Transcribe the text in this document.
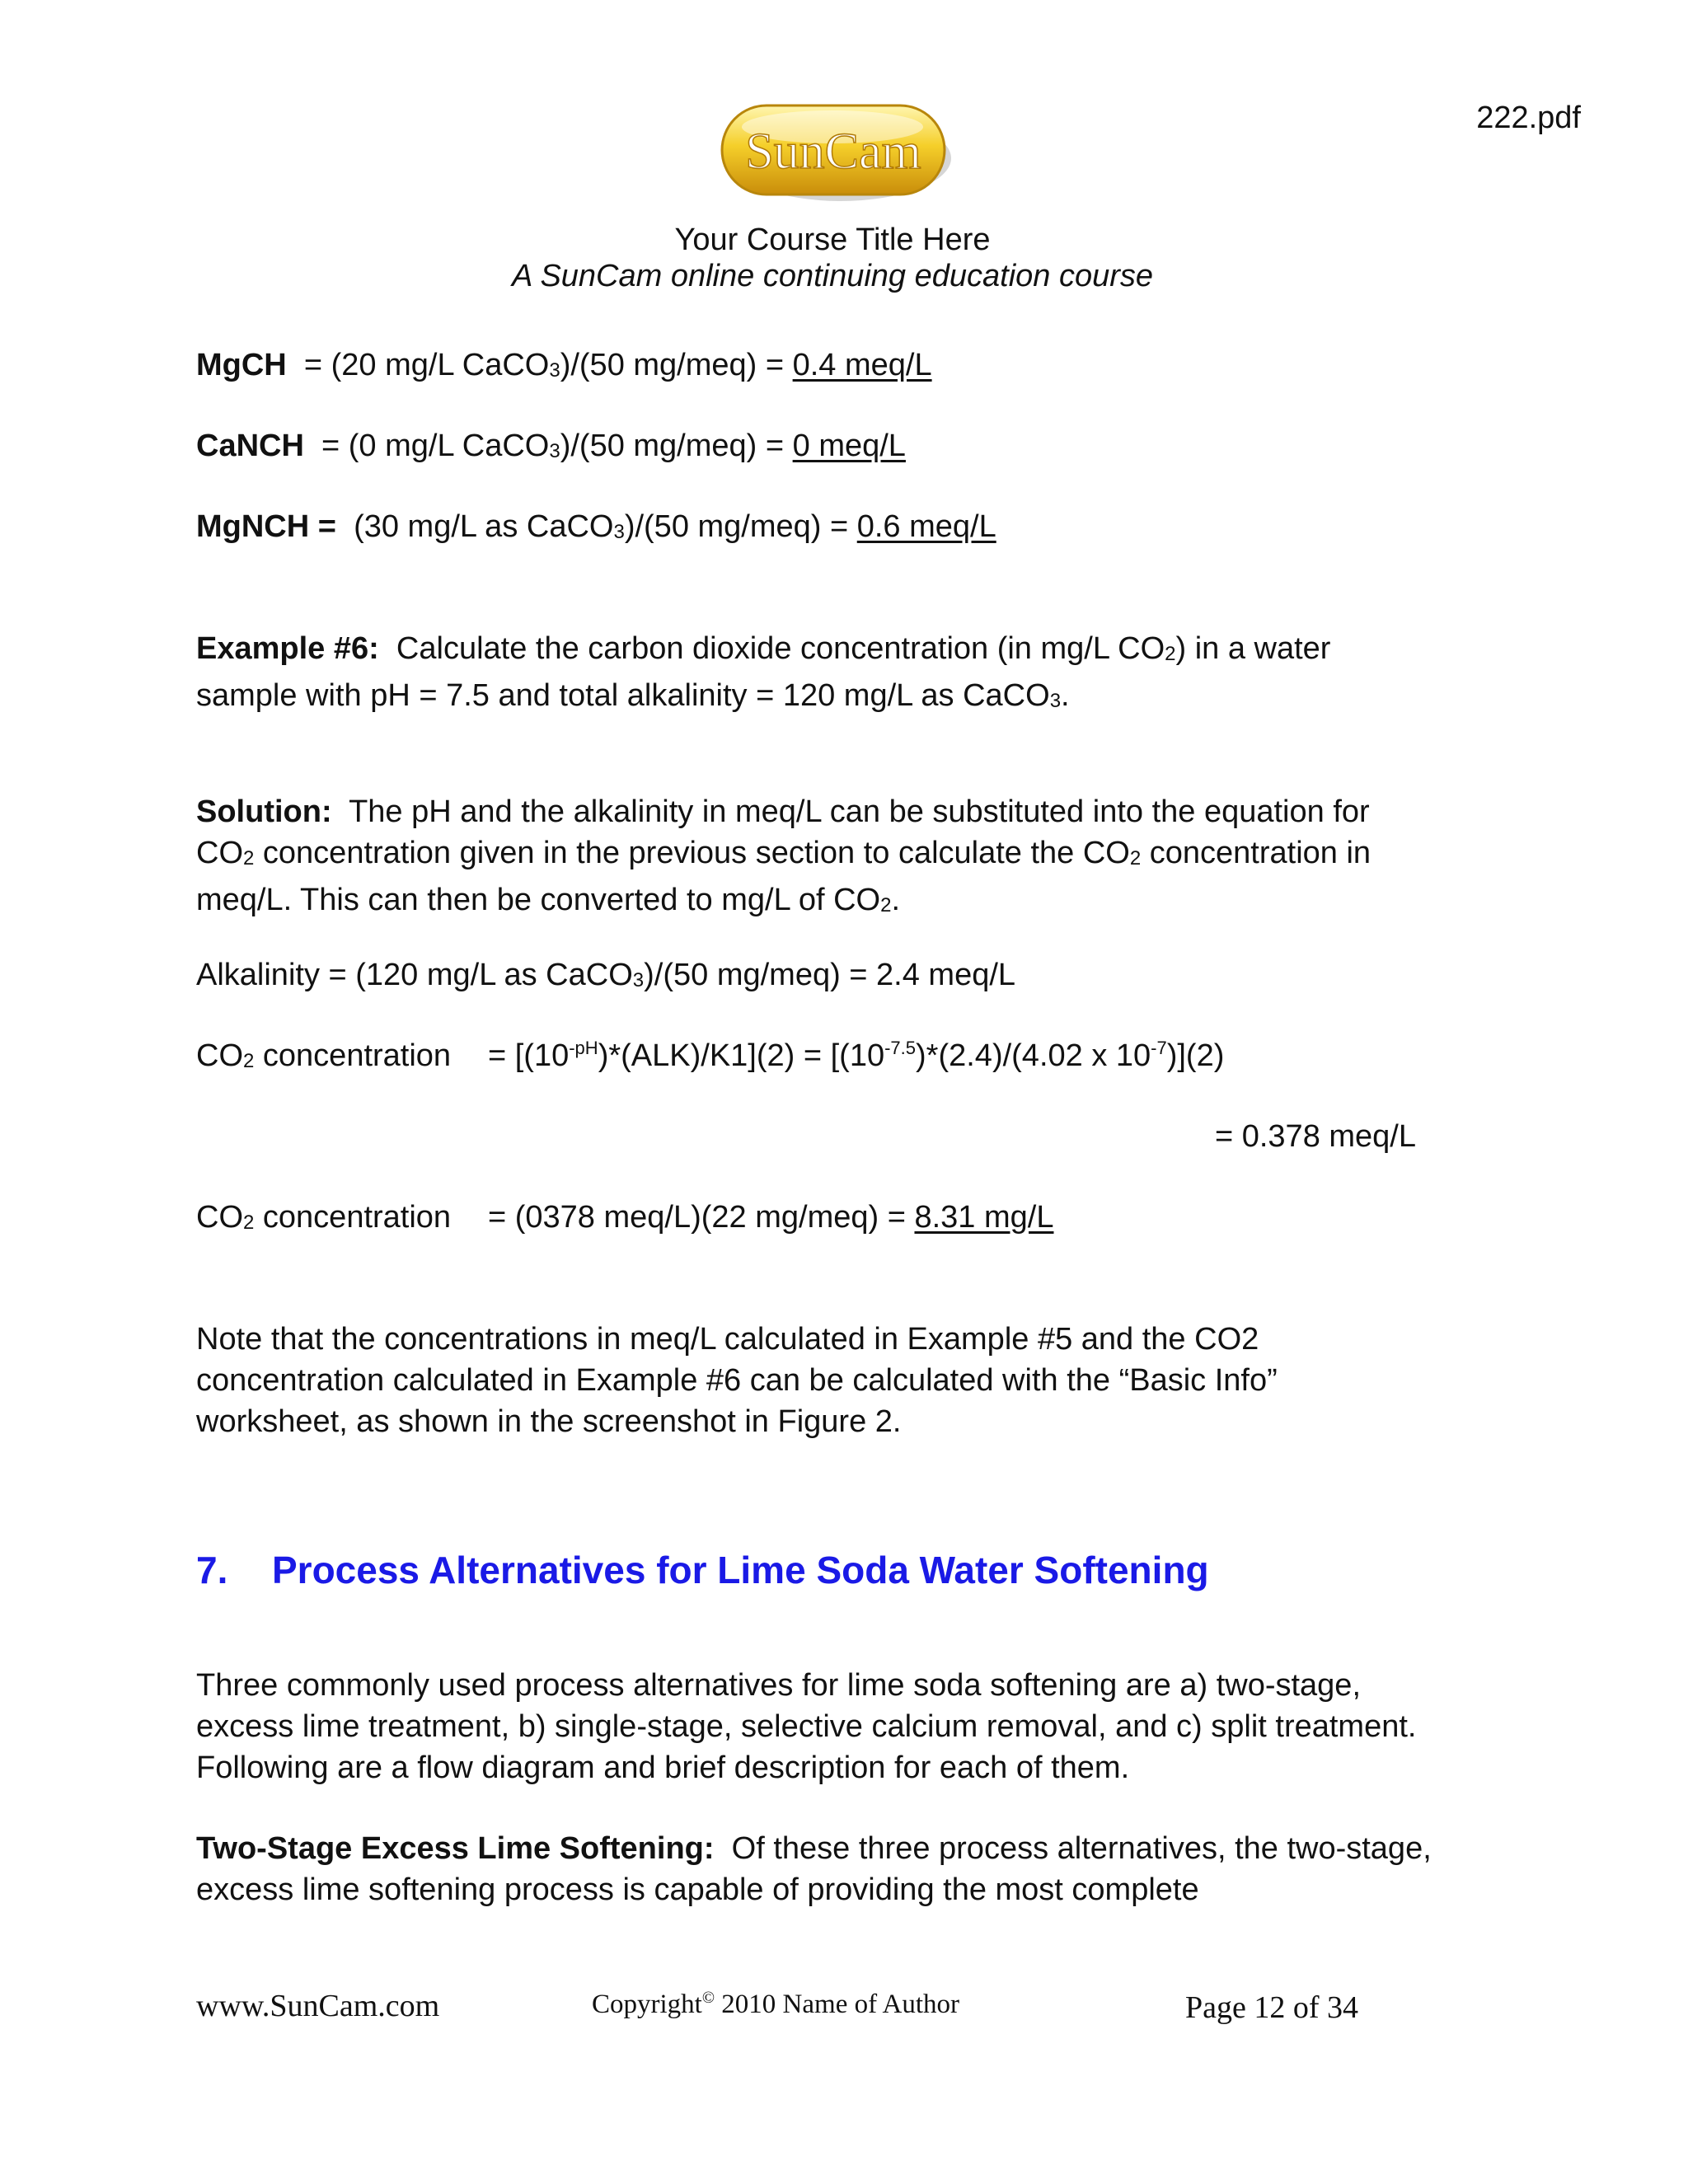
222.pdf
SunCam
Your Course Title Here
A SunCam online continuing education course
MgCH = (20 mg/L CaCO$_3$)/(50 mg/meq) = 0.4 meq/L
CaNCH = (0 mg/L CaCO$_3$)/(50 mg/meq) = 0 meq/L
MgNCH = (30 mg/L as CaCO$_3$)/(50 mg/meq) = 0.6 meq/L
Example #6: Calculate the carbon dioxide concentration (in mg/L $CO_2$) in a water sample with pH = 7.5 and total alkalinity = 120 mg/L as CaCO$_3$.
Solution: The pH and the alkalinity in meq/L can be substituted into the equation for $CO_2$ concentration given in the previous section to calculate the $CO_2$ concentration in meq/L. This can then be converted to mg/L of $CO_2$.
Alkalinity = (120 mg/L as CaCO$_3$)/(50 mg/meq) = 2.4 meq/L
$CO_2$ concentration = $[(10^{-pH})*(ALK)/K1](2) = [(10^{-7.5})*(2.4)/(4.02$ x $10^{-7})](2)$
= 0.378 meq/L
$CO_2$ concentration = (0378 meq/L)(22 mg/meq) = 8.31 mg/L
Note that the concentrations in meq/L calculated in Example #5 and the CO2 concentration calculated in Example #6 can be calculated with the “Basic Info” worksheet, as shown in the screenshot in Figure 2.
7. Process Alternatives for Lime Soda Water Softening
Three commonly used process alternatives for lime soda softening are a) two-stage, excess lime treatment, b) single-stage, selective calcium removal, and c) split treatment. Following are a flow diagram and brief description for each of them.
Two-Stage Excess Lime Softening: Of these three process alternatives, the two-stage, excess lime softening process is capable of providing the most complete
www.SunCam.com	Copyright© 2010 Name of Author	Page 12 of 34
